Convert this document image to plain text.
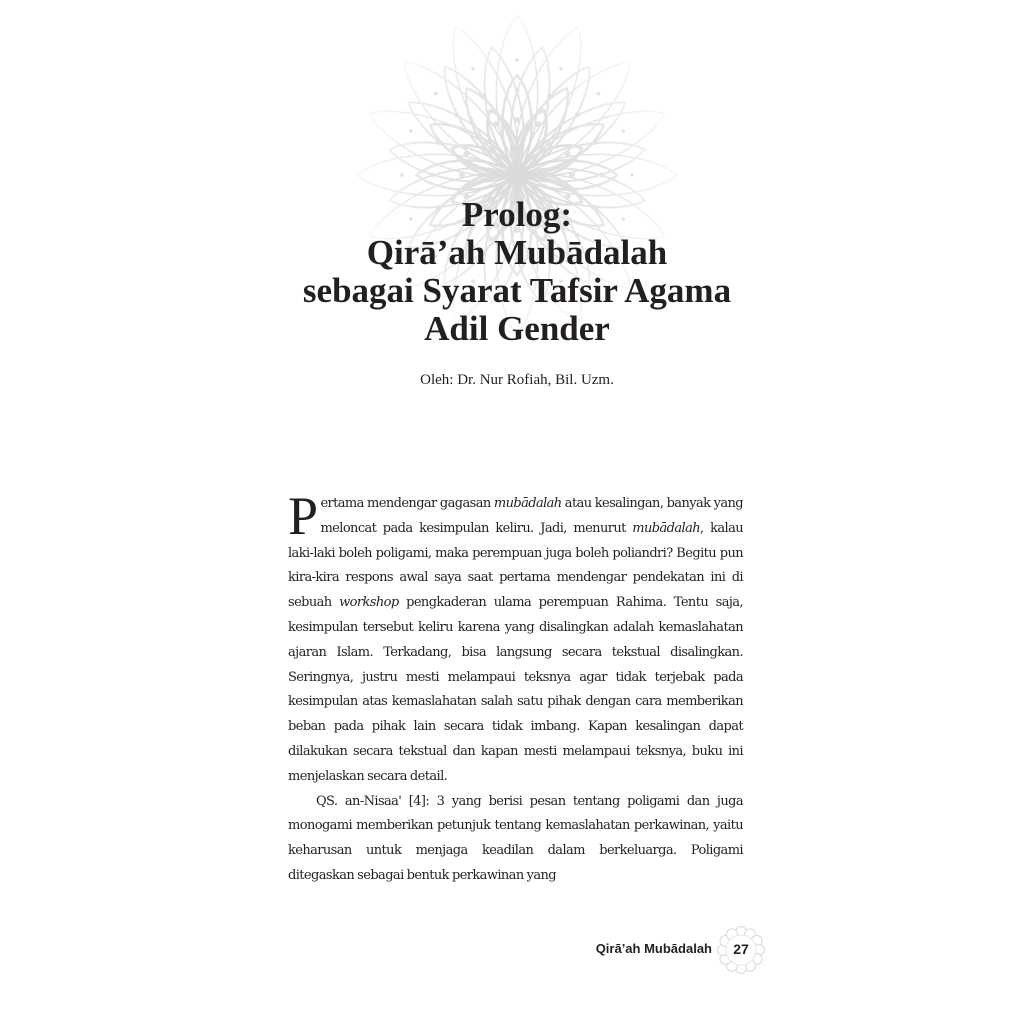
Prolog:
Qirā’ah Mubādalah
sebagai Syarat Tafsir Agama
Adil Gender
Oleh: Dr. Nur Rofiah, Bil. Uzm.

Pertama mendengar gagasan mubādalah atau kesalingan, banyak yang meloncat pada kesimpulan keliru. Jadi, menurut mubādalah, kalau laki-laki boleh poligami, maka perempuan juga boleh poliandri? Begitu pun kira-kira respons awal saya saat pertama mendengar pendekatan ini di sebuah workshop pengkaderan ulama perempuan Rahima. Tentu saja, kesimpulan tersebut keliru karena yang disalingkan adalah kemaslahatan ajaran Islam. Terkadang, bisa langsung secara tekstual disalingkan. Seringnya, justru mesti melampaui teksnya agar tidak terjebak pada kesimpulan atas kemaslahatan salah satu pihak dengan cara memberikan beban pada pihak lain secara tidak imbang. Kapan kesalingan dapat dilakukan secara tekstual dan kapan mesti melampaui teksnya, buku ini menjelaskan secara detail.

QS. an-Nisaa' [4]: 3 yang berisi pesan tentang poligami dan juga monogami memberikan petunjuk tentang kemaslahatan perkawinan, yaitu keharusan untuk menjaga keadilan dalam berkeluarga. Poligami ditegaskan sebagai bentuk perkawinan yang

Qirā’ah Mubādalah	27
